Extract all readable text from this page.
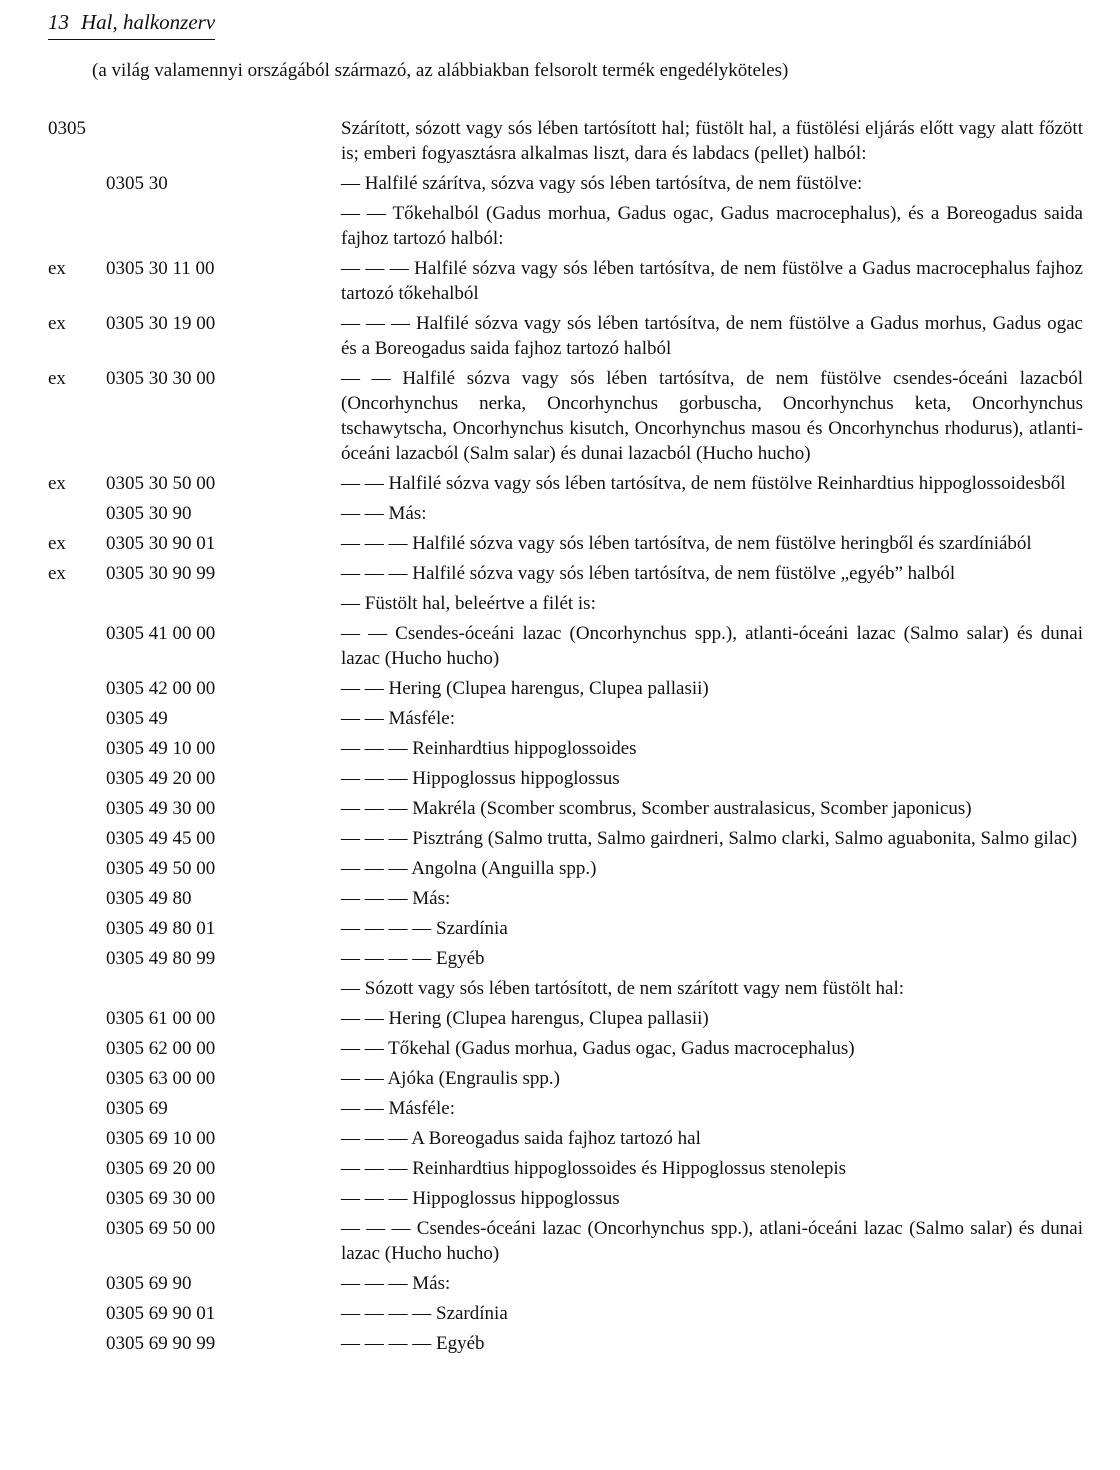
13 Hal, halkonzerv
(a világ valamennyi országából származó, az alábbiakban felsorolt termék engedélyköteles)
0305	Szárított, sózott vagy sós lében tartósított hal; füstölt hal, a füstölési eljárás előtt vagy alatt főzött is; emberi fogyasztásra alkalmas liszt, dara és labdacs (pellet) halból:
0305 30	— Halfilé szárítva, sózva vagy sós lében tartósítva, de nem füstölve:
— — Tőkehalból (Gadus morhua, Gadus ogac, Gadus macrocephalus), és a Boreogadus saida fajhoz tartozó halból:
ex	0305 30 11 00	— — — Halfilé sózva vagy sós lében tartósítva, de nem füstölve a Gadus macrocephalus fajhoz tartozó tőkehalból
ex	0305 30 19 00	— — — Halfilé sózva vagy sós lében tartósítva, de nem füstölve a Gadus morhus, Gadus ogac és a Boreogadus saida fajhoz tartozó halból
ex	0305 30 30 00	— — Halfilé sózva vagy sós lében tartósítva, de nem füstölve csendes-óceáni lazacból (Oncorhynchus nerka, Oncorhynchus gorbuscha, Oncorhynchus keta, Oncorhynchus tschawytscha, Oncorhynchus kisutch, Oncorhynchus masou és Oncorhynchus rhodurus), atlanti-óceáni lazacból (Salm salar) és dunai lazacból (Hucho hucho)
ex	0305 30 50 00	— — Halfilé sózva vagy sós lében tartósítva, de nem füstölve Reinhardtius hippoglossoidesből
0305 30 90	— — Más:
ex	0305 30 90 01	— — — Halfilé sózva vagy sós lében tartósítva, de nem füstölve heringből és szardíniából
ex	0305 30 90 99	— — — Halfilé sózva vagy sós lében tartósítva, de nem füstölve „egyéb” halból
— Füstölt hal, beleértve a filét is:
0305 41 00 00	— — Csendes-óceáni lazac (Oncorhynchus spp.), atlanti-óceáni lazac (Salmo salar) és dunai lazac (Hucho hucho)
0305 42 00 00	— — Hering (Clupea harengus, Clupea pallasii)
0305 49	— — Másféle:
0305 49 10 00	— — — Reinhardtius hippoglossoides
0305 49 20 00	— — — Hippoglossus hippoglossus
0305 49 30 00	— — — Makréla (Scomber scombrus, Scomber australasicus, Scomber japonicus)
0305 49 45 00	— — — Pisztráng (Salmo trutta, Salmo gairdneri, Salmo clarki, Salmo aguabonita, Salmo gilac)
0305 49 50 00	— — — Angolna (Anguilla spp.)
0305 49 80	— — — Más:
0305 49 80 01	— — — — Szardínia
0305 49 80 99	— — — — Egyéb
— Sózott vagy sós lében tartósított, de nem szárított vagy nem füstölt hal:
0305 61 00 00	— — Hering (Clupea harengus, Clupea pallasii)
0305 62 00 00	— — Tőkehal (Gadus morhua, Gadus ogac, Gadus macrocephalus)
0305 63 00 00	— — Ajóka (Engraulis spp.)
0305 69	— — Másféle:
0305 69 10 00	— — — A Boreogadus saida fajhoz tartozó hal
0305 69 20 00	— — — Reinhardtius hippoglossoides és Hippoglossus stenolepis
0305 69 30 00	— — — Hippoglossus hippoglossus
0305 69 50 00	— — — Csendes-óceáni lazac (Oncorhynchus spp.), atlani-óceáni lazac (Salmo salar) és dunai lazac (Hucho hucho)
0305 69 90	— — — Más:
0305 69 90 01	— — — — Szardínia
0305 69 90 99	— — — — Egyéb
